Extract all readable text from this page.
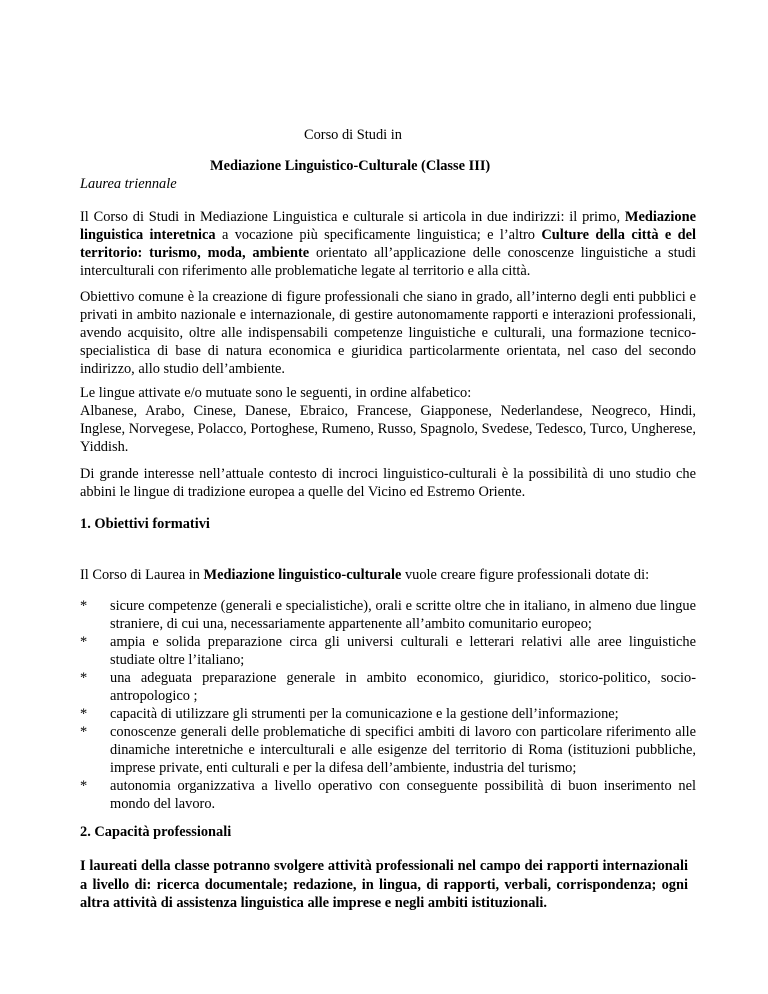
Corso di Studi in
Mediazione Linguistico-Culturale (Classe III)
Laurea triennale
Il Corso di Studi in Mediazione Linguistica e culturale si articola in due indirizzi: il primo, Mediazione linguistica interetnica a vocazione più specificamente linguistica; e l’altro Culture della città e del territorio: turismo, moda, ambiente orientato all’applicazione delle conoscenze linguistiche a studi interculturali con riferimento alle problematiche legate al territorio e alla città.
Obiettivo comune è la creazione di figure professionali che siano in grado, all’interno degli enti pubblici e privati in ambito nazionale e internazionale, di gestire autonomamente rapporti e interazioni professionali, avendo acquisito, oltre alle indispensabili competenze linguistiche e culturali, una formazione tecnico-specialistica di base di natura economica e giuridica particolarmente orientata, nel caso del secondo indirizzo, allo studio dell’ambiente.
Le lingue attivate e/o mutuate sono le seguenti, in ordine alfabetico:
Albanese, Arabo, Cinese, Danese, Ebraico, Francese, Giapponese, Nederlandese, Neogreco, Hindi, Inglese, Norvegese, Polacco, Portoghese, Rumeno, Russo, Spagnolo, Svedese, Tedesco, Turco, Ungherese, Yiddish.
Di grande interesse nell’attuale contesto di incroci linguistico-culturali è la possibilità di uno studio che abbini le lingue di tradizione europea a quelle del Vicino ed Estremo Oriente.
1. Obiettivi formativi
Il Corso di Laurea in Mediazione linguistico-culturale vuole creare figure professionali dotate di:
* sicure competenze (generali e specialistiche), orali e scritte oltre che in italiano, in almeno due lingue straniere, di cui una, necessariamente appartenente all’ambito comunitario europeo;
* ampia e solida preparazione circa gli universi culturali e letterari relativi alle aree linguistiche studiate oltre l’italiano;
* una adeguata preparazione generale in ambito economico, giuridico, storico-politico, socio-antropologico ;
* capacità di utilizzare gli strumenti per la comunicazione e la gestione dell’informazione;
* conoscenze generali delle problematiche di specifici ambiti di lavoro con particolare riferimento alle dinamiche interetniche e interculturali e alle esigenze del territorio di Roma (istituzioni pubbliche, imprese private, enti culturali e per la difesa dell’ambiente, industria del turismo;
* autonomia organizzativa a livello operativo con conseguente possibilità di buon inserimento nel mondo del lavoro.
2. Capacità professionali
I laureati della classe potranno svolgere attività professionali nel campo dei rapporti internazionali a livello di: ricerca documentale; redazione, in lingua, di rapporti, verbali, corrispondenza; ogni altra attività di assistenza linguistica alle imprese e negli ambiti istituzionali.
